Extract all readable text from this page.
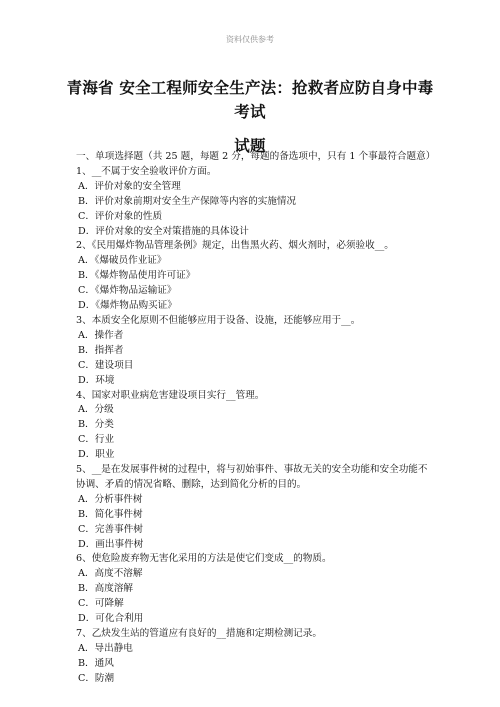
资料仅供参考
青海省 安全工程师安全生产法：抢救者应防自身中毒考试
试题
一、单项选择题（共 25 题，每题 2 分，每题的备选项中，只有 1 个事最符合题意）
1、__不属于安全验收评价方面。
A．评价对象的安全管理
B．评价对象前期对安全生产保障等内容的实施情况
C．评价对象的性质
D．评价对象的安全对策措施的具体设计
2、《民用爆炸物品管理条例》规定，出售黑火药、烟火剂时，必须验收__。
A．《爆破员作业证》
B．《爆炸物品使用许可证》
C．《爆炸物品运输证》
D．《爆炸物品购买证》
3、本质安全化原则不但能够应用于设备、设施，还能够应用于__。
A．操作者
B．指挥者
C．建设项目
D．环境
4、国家对职业病危害建设项目实行__管理。
A．分级
B．分类
C．行业
D．职业
5、__是在发展事件树的过程中，将与初始事件、事故无关的安全功能和安全功能不协调、矛盾的情况省略、删除，达到简化分析的目的。
A．分析事件树
B．简化事件树
C．完善事件树
D．画出事件树
6、使危险废弃物无害化采用的方法是使它们变成__的物质。
A．高度不溶解
B．高度溶解
C．可降解
D．可化合利用
7、乙炔发生站的管道应有良好的__措施和定期检测记录。
A．导出静电
B．通风
C．防潮
